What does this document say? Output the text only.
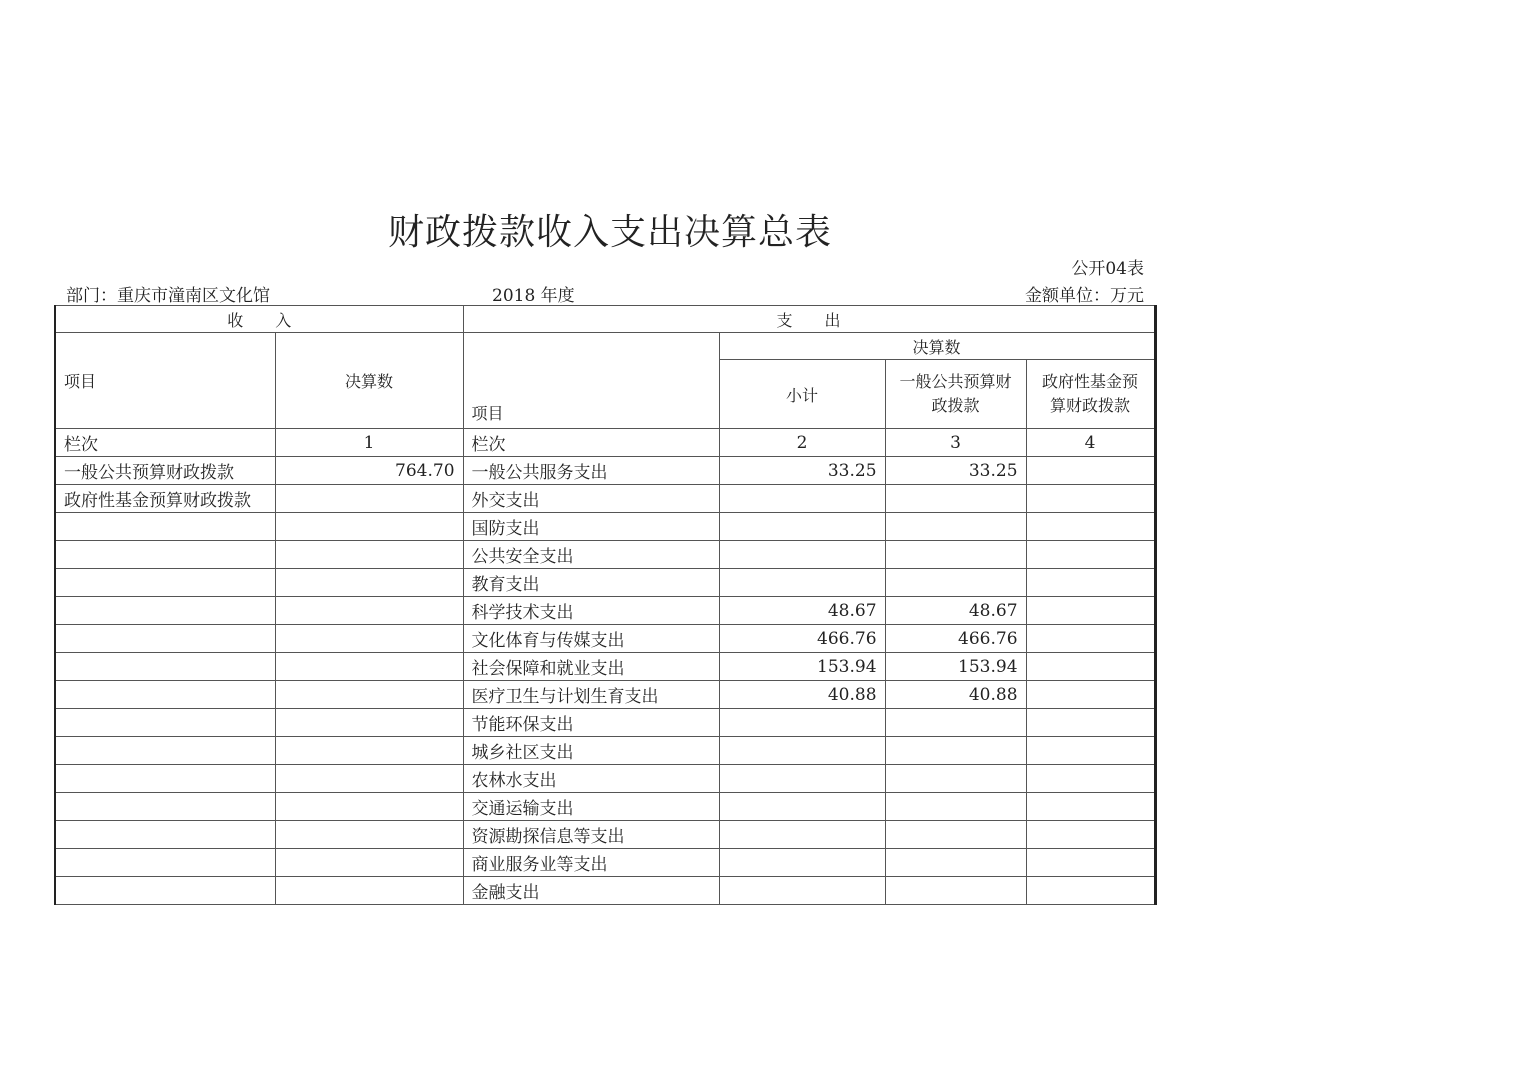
财政拨款收入支出决算总表
公开04表
部门：重庆市潼南区文化馆	2018 年度	金额单位：万元
收　　入		支　　出			
项目	决算数	项目	决算数		
			小计	一般公共预算财政拨款	政府性基金预算财政拨款
栏次	1	栏次	2	3	4
一般公共预算财政拨款	764.70	一般公共服务支出	33.25	33.25	
政府性基金预算财政拨款		外交支出			
		国防支出			
		公共安全支出			
		教育支出			
		科学技术支出	48.67	48.67	
		文化体育与传媒支出	466.76	466.76	
		社会保障和就业支出	153.94	153.94	
		医疗卫生与计划生育支出	40.88	40.88	
		节能环保支出			
		城乡社区支出			
		农林水支出			
		交通运输支出			
		资源勘探信息等支出			
		商业服务业等支出			
		金融支出			
